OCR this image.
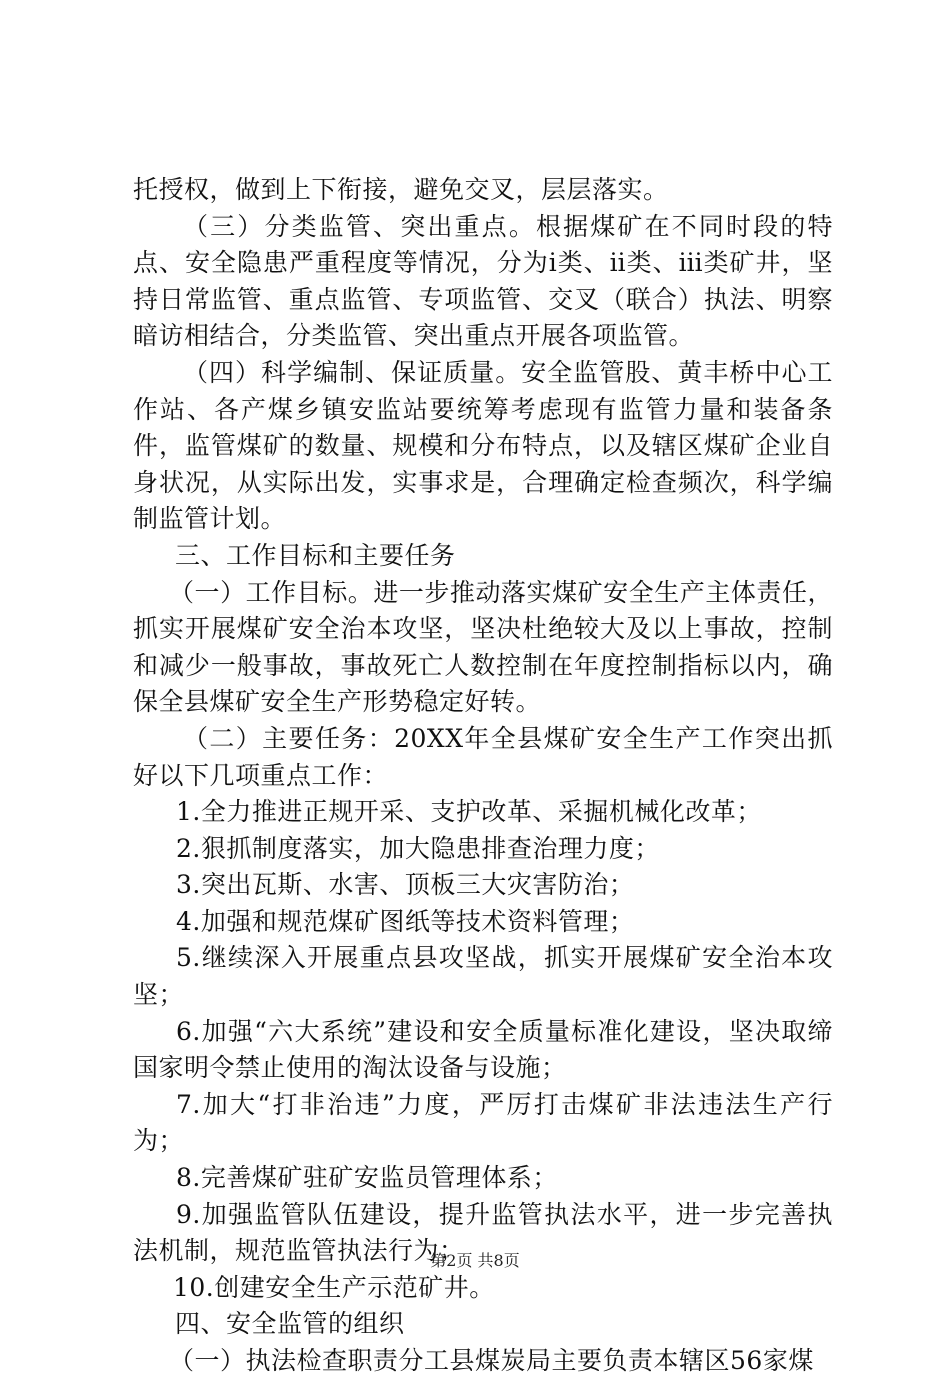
托授权，做到上下衔接，避免交叉，层层落实。

（三）分类监管、突出重点。根据煤矿在不同时段的特点、安全隐患严重程度等情况，分为ⅰ类、ⅱ类、ⅲ类矿井，坚持日常监管、重点监管、专项监管、交叉（联合）执法、明察暗访相结合，分类监管、突出重点开展各项监管。

（四）科学编制、保证质量。安全监管股、黄丰桥中心工作站、各产煤乡镇安监站要统筹考虑现有监管力量和装备条件，监管煤矿的数量、规模和分布特点，以及辖区煤矿企业自身状况，从实际出发，实事求是，合理确定检查频次，科学编制监管计划。

三、工作目标和主要任务

（一）工作目标。进一步推动落实煤矿安全生产主体责任，抓实开展煤矿安全治本攻坚，坚决杜绝较大及以上事故，控制和减少一般事故，事故死亡人数控制在年度控制指标以内，确保全县煤矿安全生产形势稳定好转。

（二）主要任务：20XX年全县煤矿安全生产工作突出抓好以下几项重点工作：

1.全力推进正规开采、支护改革、采掘机械化改革；

2.狠抓制度落实，加大隐患排查治理力度；

3.突出瓦斯、水害、顶板三大灾害防治；

4.加强和规范煤矿图纸等技术资料管理；

5.继续深入开展重点县攻坚战，抓实开展煤矿安全治本攻坚；

6.加强“六大系统”建设和安全质量标准化建设，坚决取缔国家明令禁止使用的淘汰设备与设施；

7.加大“打非治违”力度，严厉打击煤矿非法违法生产行为；

8.完善煤矿驻矿安监员管理体系；

9.加强监管队伍建设，提升监管执法水平，进一步完善执法机制，规范监管执法行为；

10.创建安全生产示范矿井。

四、安全监管的组织

（一）执法检查职责分工县煤炭局主要负责本辖区56家煤

第2页 共8页
